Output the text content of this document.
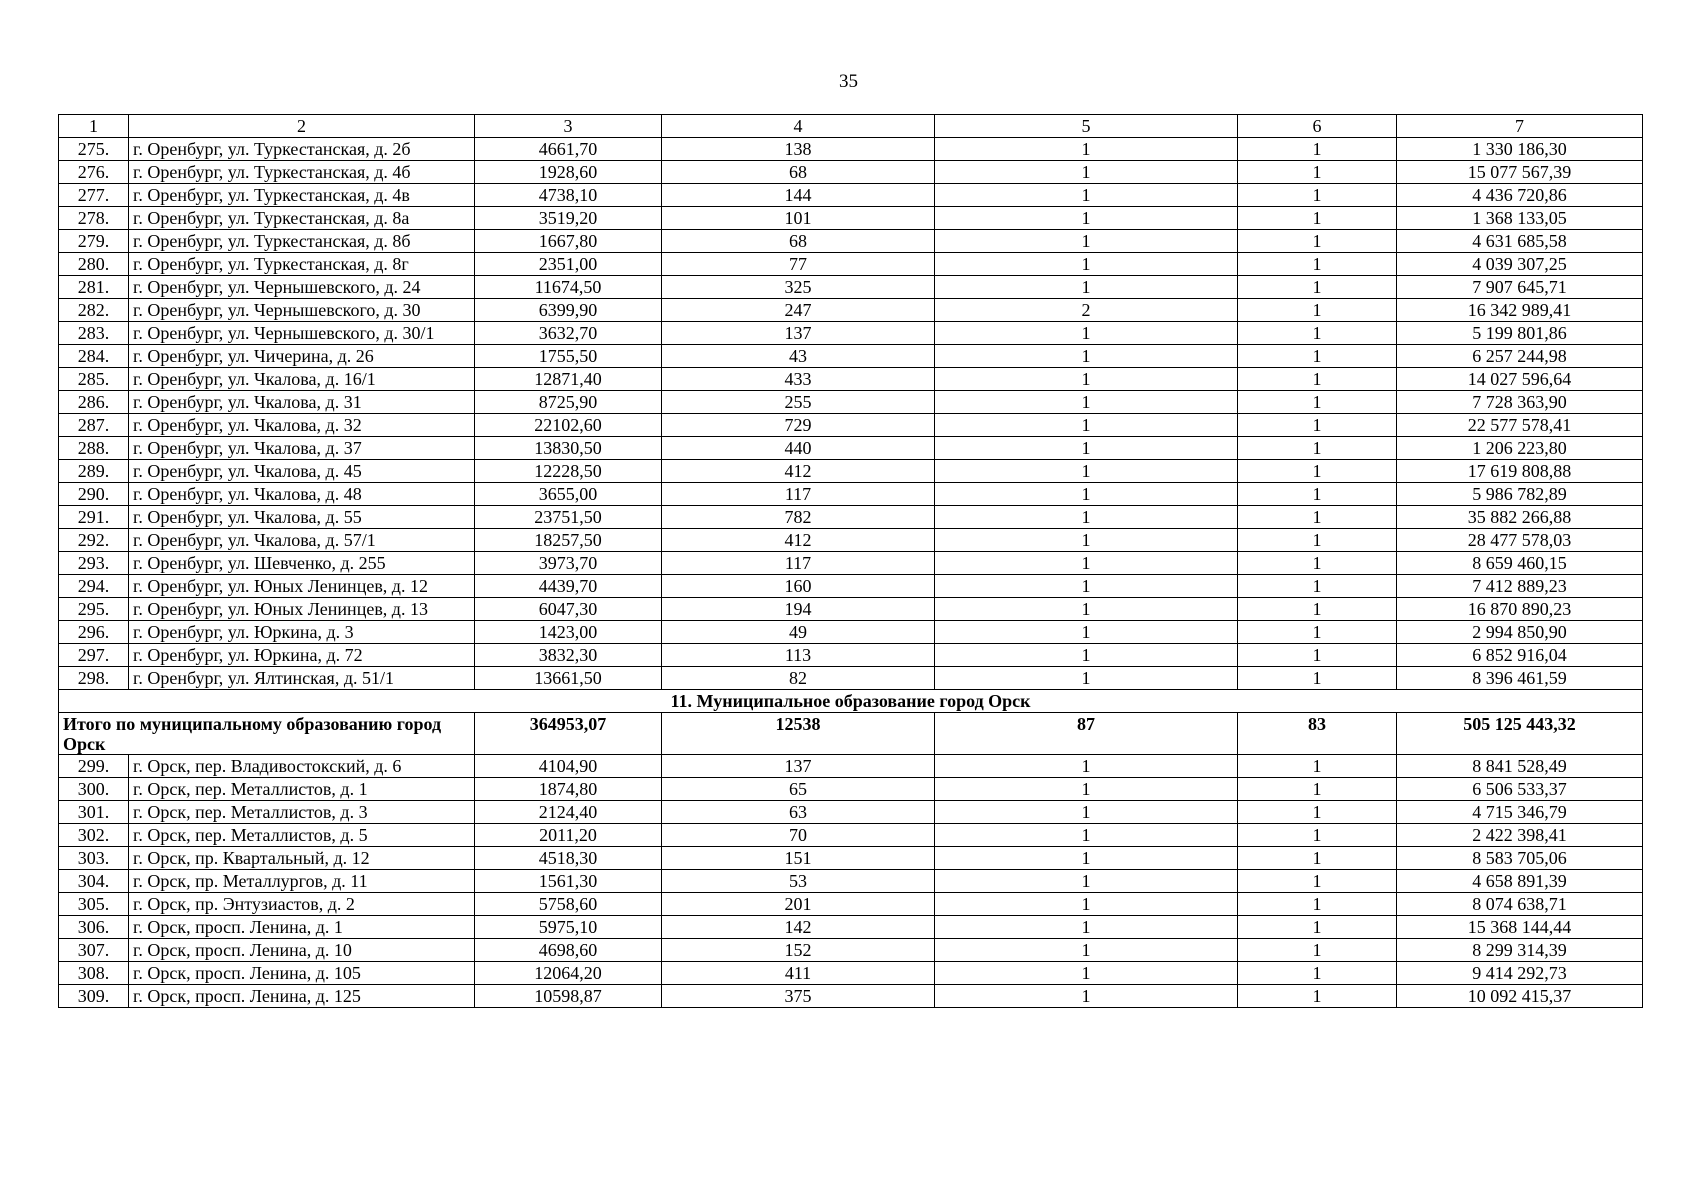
35
1	2	3	4	5	6	7
275.	г. Оренбург, ул. Туркестанская, д. 2б	4661,70	138	1	1	1 330 186,30
276.	г. Оренбург, ул. Туркестанская, д. 4б	1928,60	68	1	1	15 077 567,39
277.	г. Оренбург, ул. Туркестанская, д. 4в	4738,10	144	1	1	4 436 720,86
278.	г. Оренбург, ул. Туркестанская, д. 8а	3519,20	101	1	1	1 368 133,05
279.	г. Оренбург, ул. Туркестанская, д. 8б	1667,80	68	1	1	4 631 685,58
280.	г. Оренбург, ул. Туркестанская, д. 8г	2351,00	77	1	1	4 039 307,25
281.	г. Оренбург, ул. Чернышевского, д. 24	11674,50	325	1	1	7 907 645,71
282.	г. Оренбург, ул. Чернышевского, д. 30	6399,90	247	2	1	16 342 989,41
283.	г. Оренбург, ул. Чернышевского, д. 30/1	3632,70	137	1	1	5 199 801,86
284.	г. Оренбург, ул. Чичерина, д. 26	1755,50	43	1	1	6 257 244,98
285.	г. Оренбург, ул. Чкалова, д. 16/1	12871,40	433	1	1	14 027 596,64
286.	г. Оренбург, ул. Чкалова, д. 31	8725,90	255	1	1	7 728 363,90
287.	г. Оренбург, ул. Чкалова, д. 32	22102,60	729	1	1	22 577 578,41
288.	г. Оренбург, ул. Чкалова, д. 37	13830,50	440	1	1	1 206 223,80
289.	г. Оренбург, ул. Чкалова, д. 45	12228,50	412	1	1	17 619 808,88
290.	г. Оренбург, ул. Чкалова, д. 48	3655,00	117	1	1	5 986 782,89
291.	г. Оренбург, ул. Чкалова, д. 55	23751,50	782	1	1	35 882 266,88
292.	г. Оренбург, ул. Чкалова, д. 57/1	18257,50	412	1	1	28 477 578,03
293.	г. Оренбург, ул. Шевченко, д. 255	3973,70	117	1	1	8 659 460,15
294.	г. Оренбург, ул. Юных Ленинцев, д. 12	4439,70	160	1	1	7 412 889,23
295.	г. Оренбург, ул. Юных Ленинцев, д. 13	6047,30	194	1	1	16 870 890,23
296.	г. Оренбург, ул. Юркина, д. 3	1423,00	49	1	1	2 994 850,90
297.	г. Оренбург, ул. Юркина, д. 72	3832,30	113	1	1	6 852 916,04
298.	г. Оренбург, ул. Ялтинская, д. 51/1	13661,50	82	1	1	8 396 461,59
11. Муниципальное образование город Орск						
Итого по муниципальному образованию город Орск		364953,07	12538	87	83	505 125 443,32
299.	г. Орск, пер. Владивостокский, д. 6	4104,90	137	1	1	8 841 528,49
300.	г. Орск, пер. Металлистов, д. 1	1874,80	65	1	1	6 506 533,37
301.	г. Орск, пер. Металлистов, д. 3	2124,40	63	1	1	4 715 346,79
302.	г. Орск, пер. Металлистов, д. 5	2011,20	70	1	1	2 422 398,41
303.	г. Орск, пр. Квартальный, д. 12	4518,30	151	1	1	8 583 705,06
304.	г. Орск, пр. Металлургов, д. 11	1561,30	53	1	1	4 658 891,39
305.	г. Орск, пр. Энтузиастов, д. 2	5758,60	201	1	1	8 074 638,71
306.	г. Орск, просп. Ленина, д. 1	5975,10	142	1	1	15 368 144,44
307.	г. Орск, просп. Ленина, д. 10	4698,60	152	1	1	8 299 314,39
308.	г. Орск, просп. Ленина, д. 105	12064,20	411	1	1	9 414 292,73
309.	г. Орск, просп. Ленина, д. 125	10598,87	375	1	1	10 092 415,37
